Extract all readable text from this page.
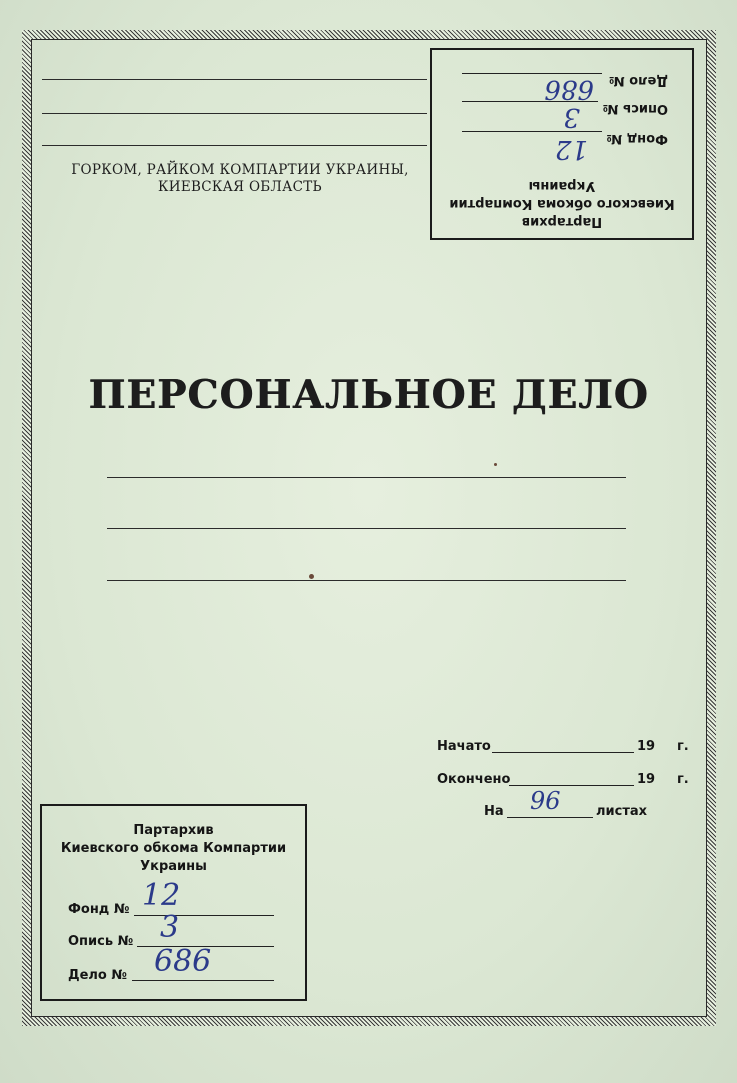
ГОРКОМ, РАЙКОМ КОМПАРТИИ УКРАИНЫ,
КИЕВСКАЯ ОБЛАСТЬ
Партархив
Киевского обкома Компартии
Украины
Фонд №
12
Опись №
3
Дело №
686
ПЕРСОНАЛЬНОЕ ДЕЛО
Начато	19 г.
Окончено	19 г.
На 96	листах
Партархив
Киевского обкома Компартии
Украины
Фонд № 12
Опись № 3
Дело № 686
